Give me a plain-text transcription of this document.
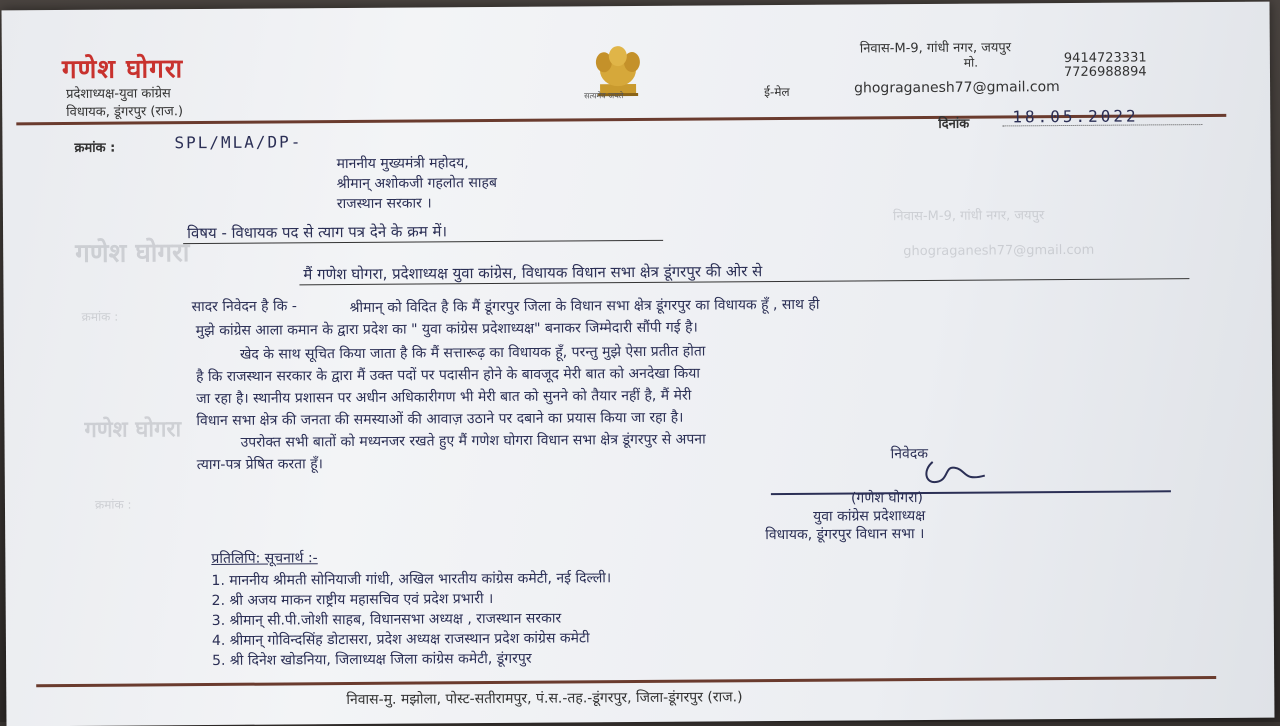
गणेश घोगरा
प्रदेशाध्यक्ष-युवा कांग्रेस
विधायक, डूंगरपुर (राज.)
सत्यमेव जयते
निवास-M-9, गांधी नगर, जयपुर
मो.	9414723331
7726988894
ई-मेल	ghograganesh77@gmail.com
क्रमांक :	SPL/MLA/DP-
दिनांक	18.05.2022
माननीय मुख्यमंत्री महोदय,
श्रीमान् अशोकजी गहलोत साहब
राजस्थान सरकार ।
गणेश घोगरा
निवास-M-9, गांधी नगर, जयपुर
ghograganesh77@gmail.com
क्रमांक :
गणेश घोगरा
क्रमांक :
विषय - विधायक पद से त्याग पत्र देने के क्रम में।
मैं गणेश घोगरा, प्रदेशाध्यक्ष युवा कांग्रेस, विधायक विधान सभा क्षेत्र डूंगरपुर की ओर से
सादर निवेदन है कि -	श्रीमान् को विदित है कि मैं डूंगरपुर जिला के विधान सभा क्षेत्र डूंगरपुर का विधायक हूँ , साथ ही
मुझे कांग्रेस आला कमान के द्वारा प्रदेश का " युवा कांग्रेस प्रदेशाध्यक्ष" बनाकर जिम्मेदारी सौंपी गई है।
खेद के साथ सूचित किया जाता है कि मैं सत्तारूढ़ का विधायक हूँ, परन्तु मुझे ऐसा प्रतीत होता
है कि राजस्थान सरकार के द्वारा मैं उक्त पदों पर पदासीन होने के बावजूद मेरी बात को अनदेखा किया
जा रहा है। स्थानीय प्रशासन पर अधीन अधिकारीगण भी मेरी बात को सुनने को तैयार नहीं है, मैं मेरी
विधान सभा क्षेत्र की जनता की समस्याओं की आवाज़ उठाने पर दबाने का प्रयास किया जा रहा है।
उपरोक्त सभी बातों को मध्यनजर रखते हुए मैं गणेश घोगरा विधान सभा क्षेत्र डूंगरपुर से अपना
त्याग-पत्र प्रेषित करता हूँ।
निवेदक
(गणेश घोगरा)
युवा कांग्रेस प्रदेशाध्यक्ष
विधायक, डूंगरपुर विधान सभा ।
प्रतिलिपि: सूचनार्थ :-
1. माननीय श्रीमती सोनियाजी गांधी, अखिल भारतीय कांग्रेस कमेटी, नई दिल्ली।
2. श्री अजय माकन राष्ट्रीय महासचिव एवं प्रदेश प्रभारी ।
3. श्रीमान् सी.पी.जोशी साहब, विधानसभा अध्यक्ष , राजस्थान सरकार
4. श्रीमान् गोविन्दसिंह डोटासरा, प्रदेश अध्यक्ष राजस्थान प्रदेश कांग्रेस कमेटी
5. श्री दिनेश खोडनिया, जिलाध्यक्ष जिला कांग्रेस कमेटी, डूंगरपुर
निवास-मु. मझोला, पोस्ट-सतीरामपुर, पं.स.-तह.-डूंगरपुर, जिला-डूंगरपुर (राज.)
